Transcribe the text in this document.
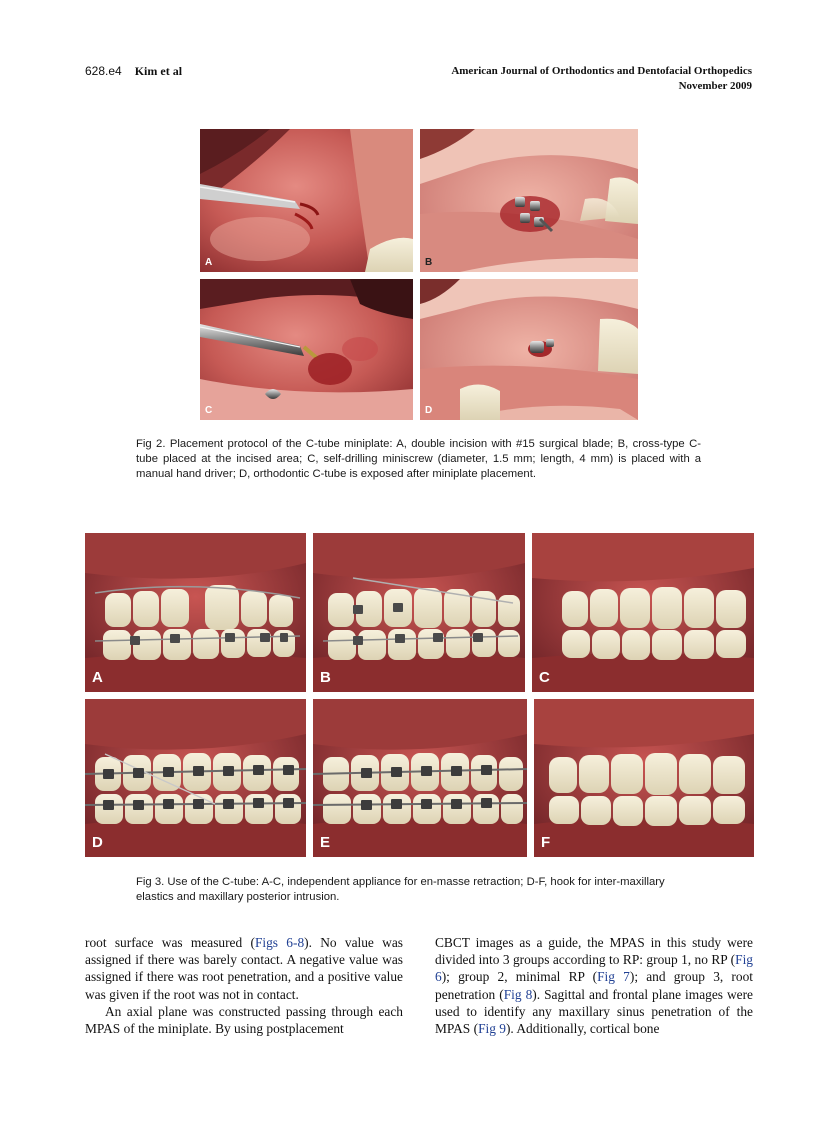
628.e4 Kim et al	American Journal of Orthodontics and Dentofacial Orthopedics
November 2009
A	B
C	D
Fig 2. Placement protocol of the C-tube miniplate: A, double incision with #15 surgical blade; B, cross-type C-tube placed at the incised area; C, self-drilling miniscrew (diameter, 1.5 mm; length, 4 mm) is placed with a manual hand driver; D, orthodontic C-tube is exposed after miniplate placement.
A	B	C
D	E	F
Fig 3. Use of the C-tube: A-C, independent appliance for en-masse retraction; D-F, hook for inter-maxillary elastics and maxillary posterior intrusion.

root surface was measured (Figs 6-8). No value was assigned if there was barely contact. A negative value was assigned if there was root penetration, and a positive value was given if the root was not in contact.

An axial plane was constructed passing through each MPAS of the miniplate. By using postplacement

CBCT images as a guide, the MPAS in this study were divided into 3 groups according to RP: group 1, no RP (Fig 6); group 2, minimal RP (Fig 7); and group 3, root penetration (Fig 8). Sagittal and frontal plane images were used to identify any maxillary sinus penetration of the MPAS (Fig 9). Additionally, cortical bone
